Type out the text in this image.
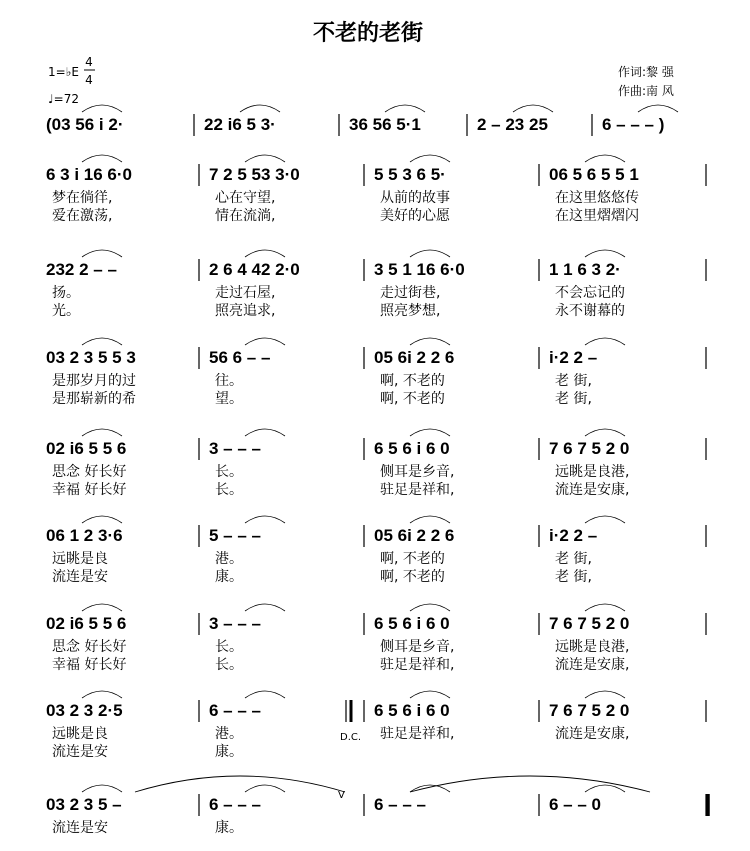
不老的老街
1=♭E
4
4
♩=72
作词:黎 强
作曲:南 风
D.C.
V
(03 56 i 2·	22 i6 5 3·	36 56 5·1	2 – 23 25	6 – – – )
6 3 i 16 6·0	7 2 5 53 3·0	5 5 3 6 5·	06 5 6 5 5 1
梦在徜徉,	心在守望,	从前的故事	在这里悠悠传
爱在激荡,	情在流淌,	美好的心愿	在这里熠熠闪
232 2 – –	2 6 4 42 2·0	3 5 1 16 6·0	1 1 6 3 2·
扬。	走过石屋,	走过街巷,	不会忘记的
光。	照亮追求,	照亮梦想,	永不谢幕的
03 2 3 5 5 3	56 6 – –	05 6i 2 2 6	i·2 2 –
是那岁月的过	往。	啊, 不老的	老 街,
是那崭新的希	望。	啊, 不老的	老 街,
02 i6 5 5 6	3 – – –	6 5 6 i 6 0	7 6 7 5 2 0
思念 好长好	长。	侧耳是乡音,	远眺是良港,
幸福 好长好	长。	驻足是祥和,	流连是安康,
06 1 2 3·6	5 – – –	05 6i 2 2 6	i·2 2 –
远眺是良	港。	啊, 不老的	老 街,
流连是安	康。	啊, 不老的	老 街,
02 i6 5 5 6	3 – – –	6 5 6 i 6 0	7 6 7 5 2 0
思念 好长好	长。	侧耳是乡音,	远眺是良港,
幸福 好长好	长。	驻足是祥和,	流连是安康,
03 2 3 2·5	6 – – –	6 5 6 i 6 0	7 6 7 5 2 0
远眺是良	港。	驻足是祥和,	流连是安康,
流连是安	康。
03 2 3 5 –	6 – – –	6 – – –	6 – – 0
流连是安	康。
